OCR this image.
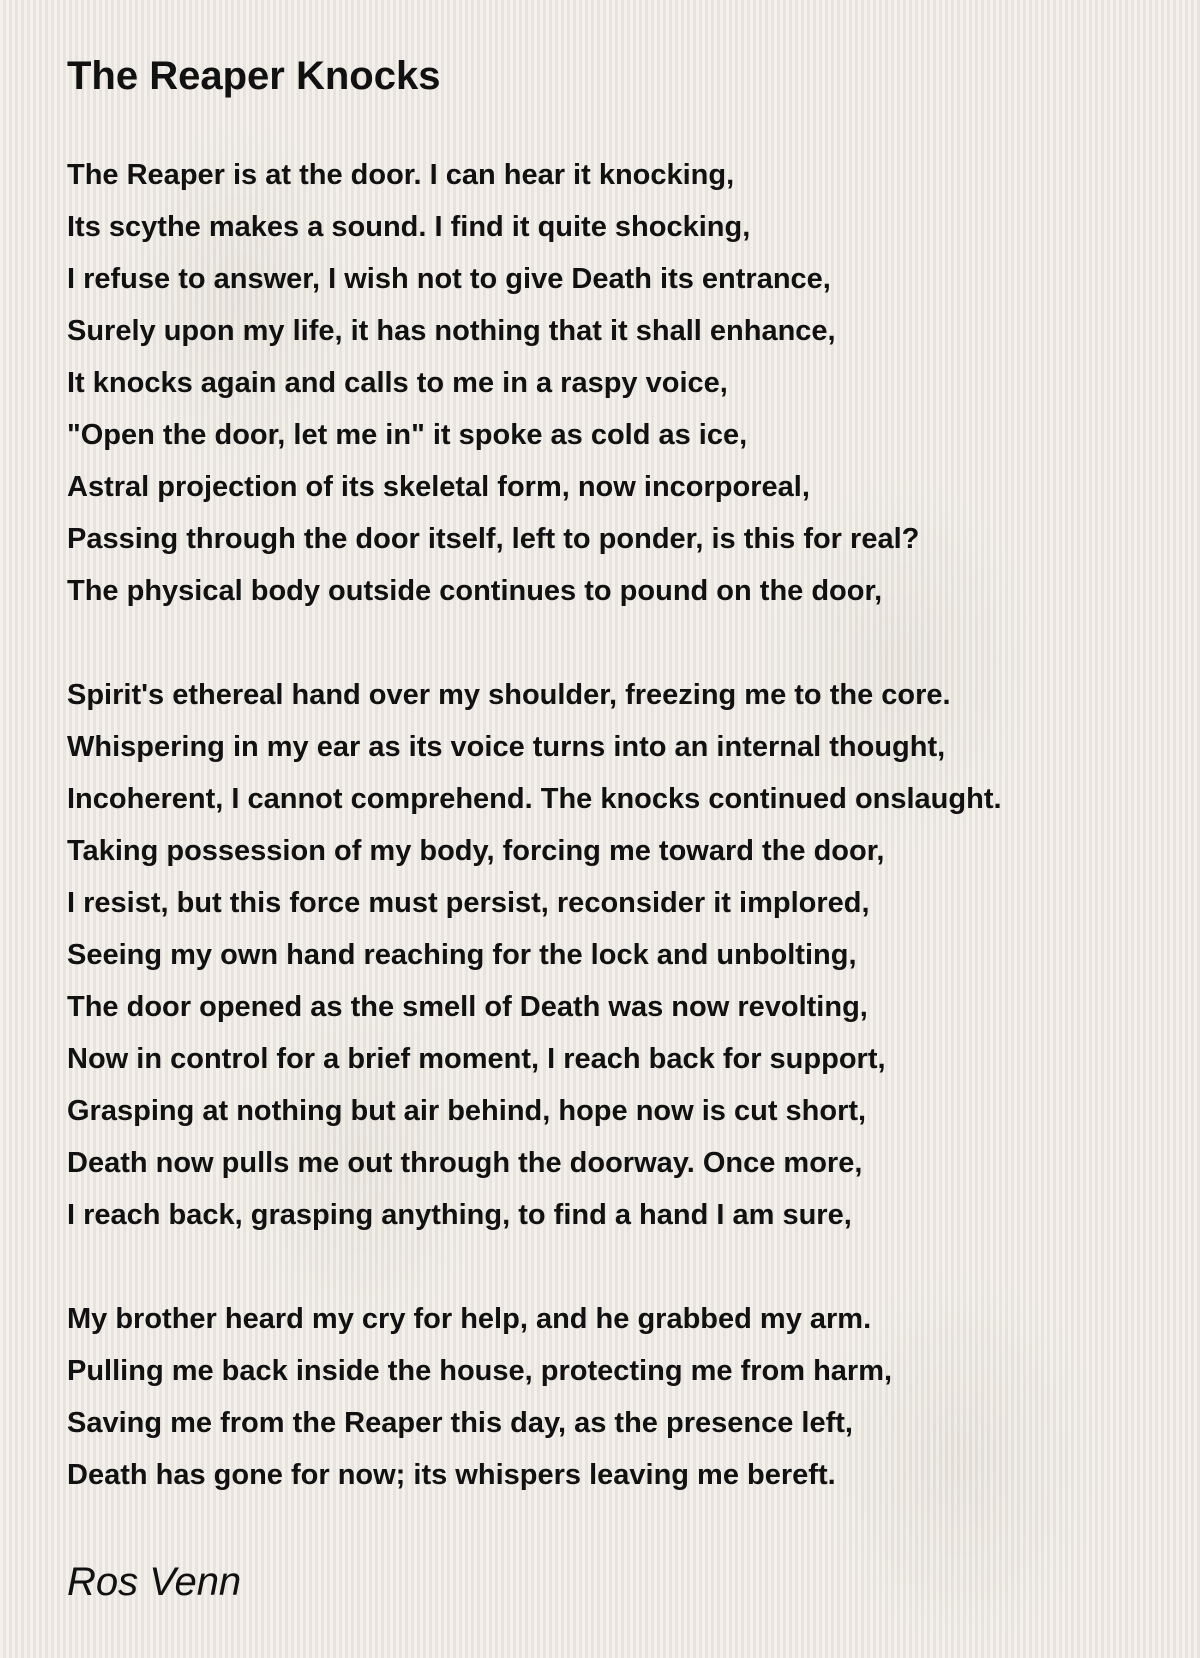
The Reaper Knocks
The Reaper is at the door. I can hear it knocking,
Its scythe makes a sound. I find it quite shocking,
I refuse to answer, I wish not to give Death its entrance,
Surely upon my life, it has nothing that it shall enhance,
It knocks again and calls to me in a raspy voice,
"Open the door, let me in" it spoke as cold as ice,
Astral projection of its skeletal form, now incorporeal,
Passing through the door itself, left to ponder, is this for real?
The physical body outside continues to pound on the door,
Spirit's ethereal hand over my shoulder, freezing me to the core.
Whispering in my ear as its voice turns into an internal thought,
Incoherent, I cannot comprehend. The knocks continued onslaught.
Taking possession of my body, forcing me toward the door,
I resist, but this force must persist, reconsider it implored,
Seeing my own hand reaching for the lock and unbolting,
The door opened as the smell of Death was now revolting,
Now in control for a brief moment, I reach back for support,
Grasping at nothing but air behind, hope now is cut short,
Death now pulls me out through the doorway. Once more,
I reach back, grasping anything, to find a hand I am sure,
My brother heard my cry for help, and he grabbed my arm.
Pulling me back inside the house, protecting me from harm,
Saving me from the Reaper this day, as the presence left,
Death has gone for now; its whispers leaving me bereft.
Ros Venn
